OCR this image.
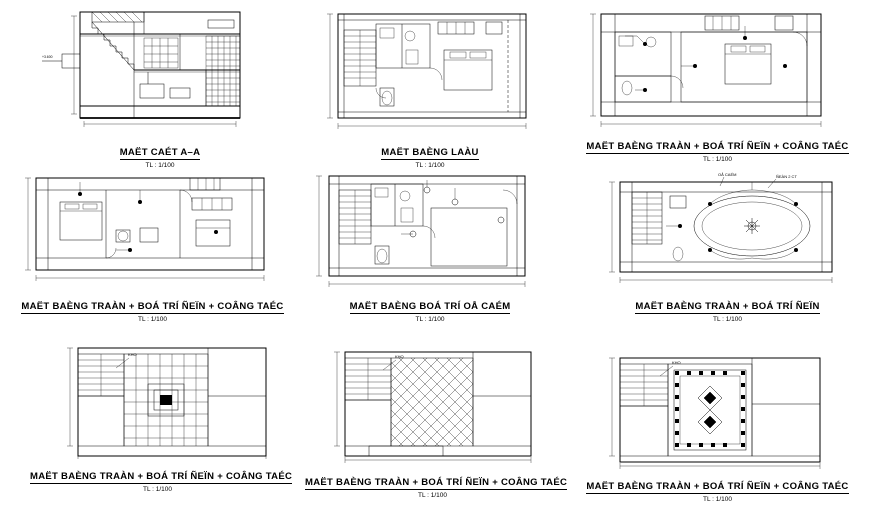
+3.600
MAËT CAÉT A–A
TL : 1/100
MAËT BAÈNG LAÀU
TL : 1/100
MAËT BAÈNG TRAÀN + BOÁ TRÍ ÑEÏN + COÂNG TAÉC
TL : 1/100
MAËT BAÈNG TRAÀN + BOÁ TRÍ ÑEÏN + COÂNG TAÉC
TL : 1/100
MAËT BAÈNG BOÁ TRÍ OÅ CAÉM
TL : 1/100
ÑEÀN 2 CT
OÅ CAÉM
MAËT BAÈNG TRAÀN + BOÁ TRÍ ÑEÏN
TL : 1/100
KHO
MAËT BAÈNG TRAÀN + BOÁ TRÍ ÑEÏN + COÂNG TAÉC
TL : 1/100
KHO
MAËT BAÈNG TRAÀN + BOÁ TRÍ ÑEÏN + COÂNG TAÉC
TL : 1/100
KHO
MAËT BAÈNG TRAÀN + BOÁ TRÍ ÑEÏN + COÂNG TAÉC
TL : 1/100
